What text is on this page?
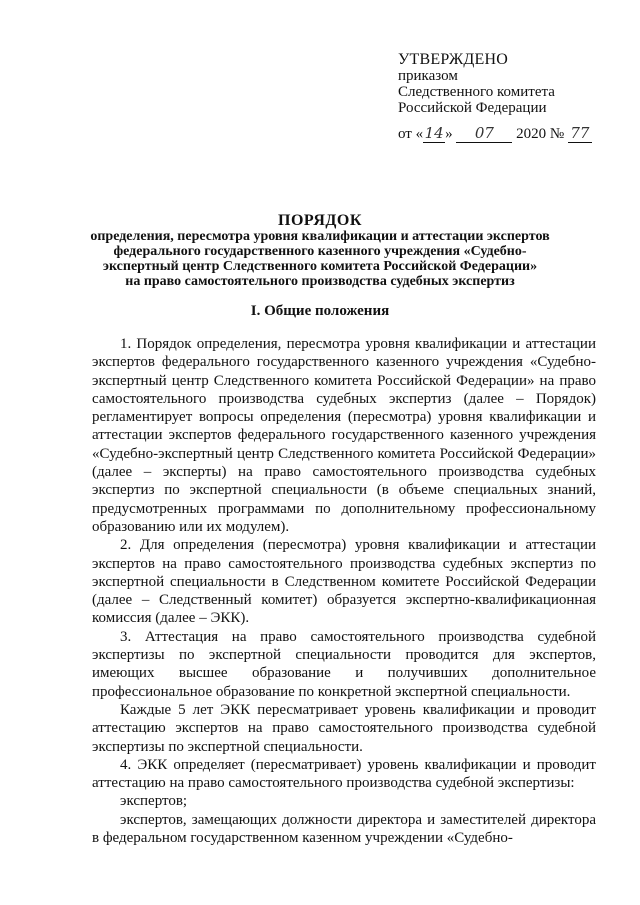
УТВЕРЖДЕНО
приказом
Следственного комитета
Российской Федерации
от «14» 07 2020 № 77
ПОРЯДОК
определения, пересмотра уровня квалификации и аттестации экспертов
федерального государственного казенного учреждения «Судебно-
экспертный центр Следственного комитета Российской Федерации»
на право самостоятельного производства судебных экспертиз
I. Общие положения

1. Порядок определения, пересмотра уровня квалификации и аттестации экспертов федерального государственного казенного учреждения «Судебно-экспертный центр Следственного комитета Российской Федерации» на право самостоятельного производства судебных экспертиз (далее – Порядок) регламентирует вопросы определения (пересмотра) уровня квалификации и аттестации экспертов федерального государственного казенного учреждения «Судебно-экспертный центр Следственного комитета Российской Федерации» (далее – эксперты) на право самостоятельного производства судебных экспертиз по экспертной специальности (в объеме специальных знаний, предусмотренных программами по дополнительному профессиональному образованию или их модулем).

2. Для определения (пересмотра) уровня квалификации и аттестации экспертов на право самостоятельного производства судебных экспертиз по экспертной специальности в Следственном комитете Российской Федерации (далее – Следственный комитет) образуется экспертно-квалификационная комиссия (далее – ЭКК).

3. Аттестация на право самостоятельного производства судебной экспертизы по экспертной специальности проводится для экспертов, имеющих высшее образование и получивших дополнительное профессиональное образование по конкретной экспертной специальности.

Каждые 5 лет ЭКК пересматривает уровень квалификации и проводит аттестацию экспертов на право самостоятельного производства судебной экспертизы по экспертной специальности.

4. ЭКК определяет (пересматривает) уровень квалификации и проводит аттестацию на право самостоятельного производства судебной экспертизы:

экспертов;

экспертов, замещающих должности директора и заместителей директора в федеральном государственном казенном учреждении «Судебно-
